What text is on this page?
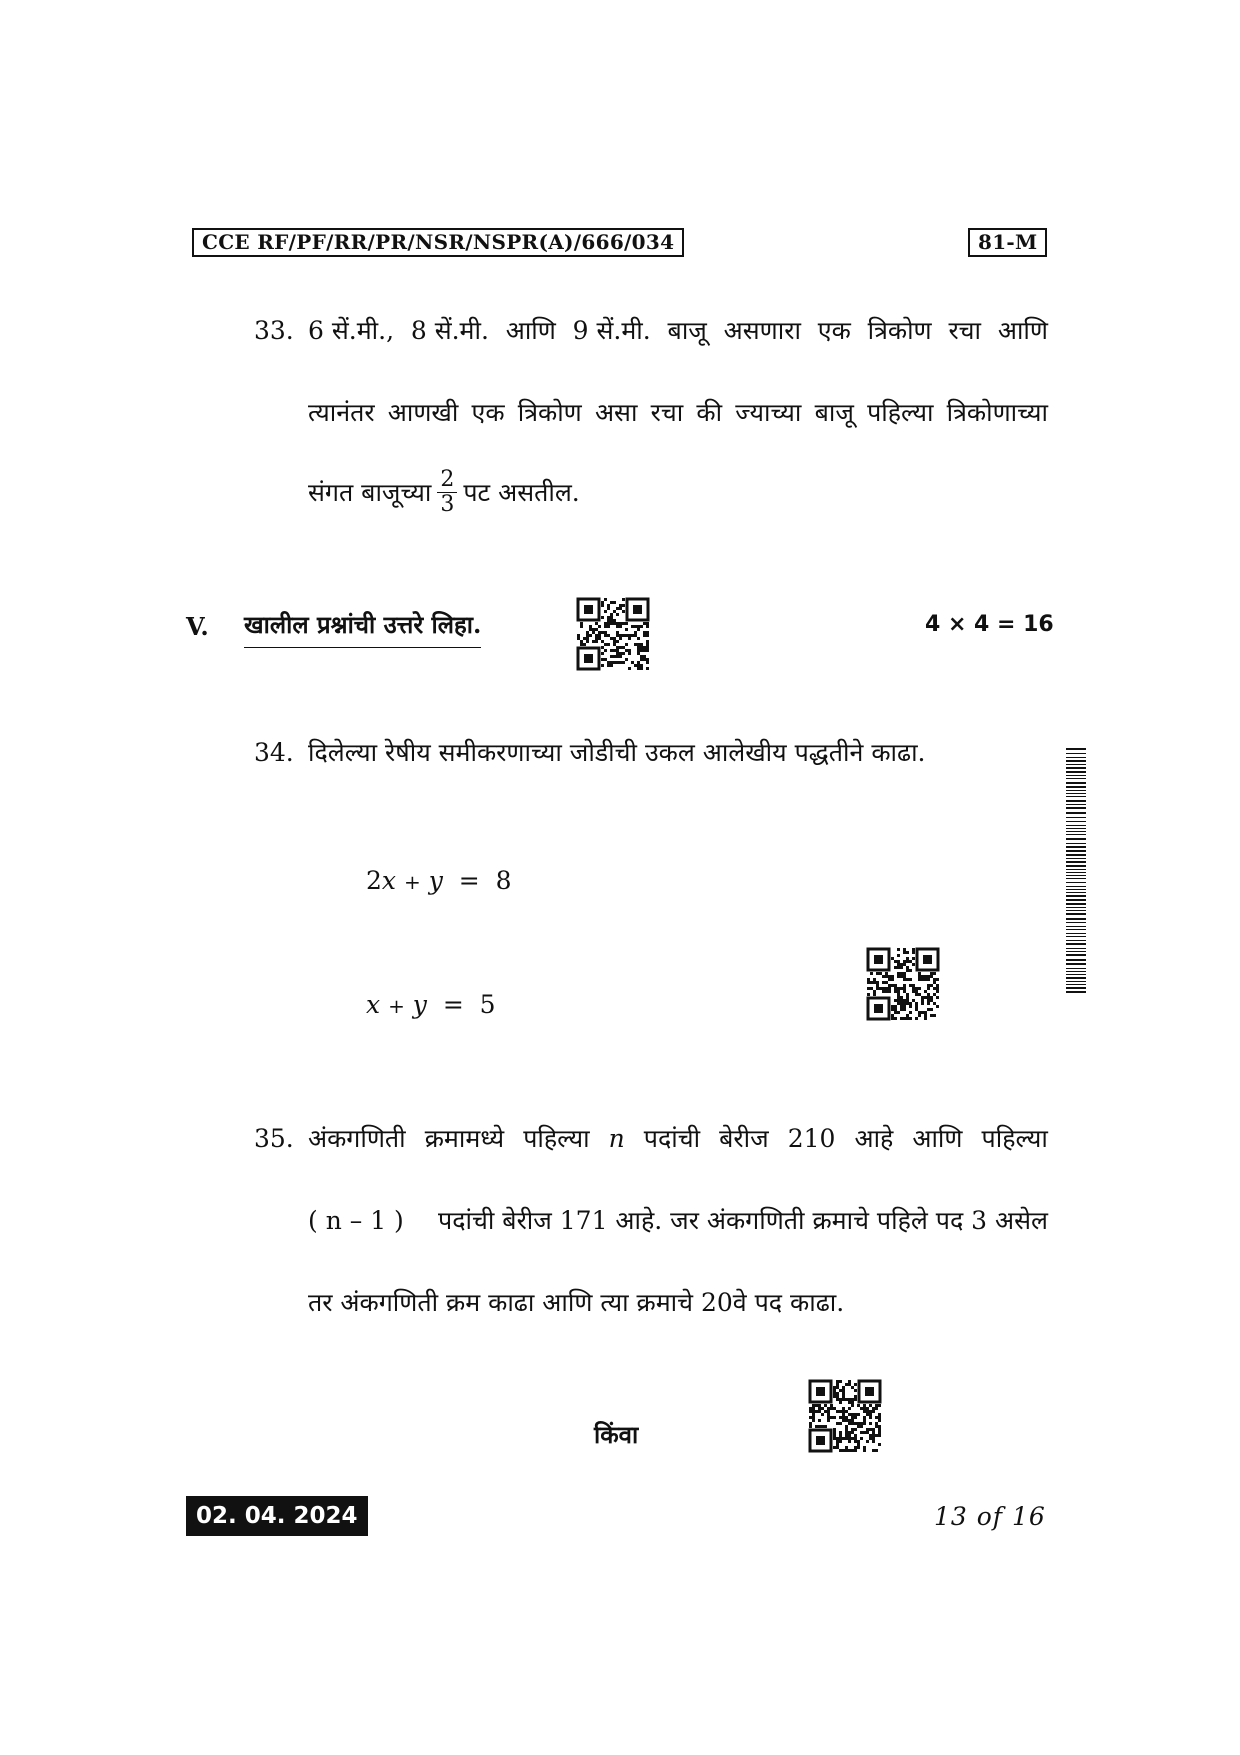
CCE RF/PF/RR/PR/NSR/NSPR(A)/666/034	81-M
33. 6 सें.मी., 8 सें.मी. आणि 9 सें.मी. बाजू असणारा एक त्रिकोण रचा आणि
त्यानंतर आणखी एक त्रिकोण असा रचा की ज्याच्या बाजू पहिल्या त्रिकोणाच्या
संगत बाजूच्या $\frac{2}{3}$ पट असतील.
V. खालील प्रश्नांची उत्तरे लिहा.	4 × 4 = 16
34. दिलेल्या रेषीय समीकरणाच्या जोडीची उकल आलेखीय पद्धतीने काढा.
2x + y = 8
x + y = 5
35. अंकगणिती क्रमामध्ये पहिल्या n पदांची बेरीज 210 आहे आणि पहिल्या
( n – 1 ) पदांची बेरीज 171 आहे. जर अंकगणिती क्रमाचे पहिले पद 3 असेल
तर अंकगणिती क्रम काढा आणि त्या क्रमाचे 20वे पद काढा.
किंवा
02. 04. 2024	13 of 16
